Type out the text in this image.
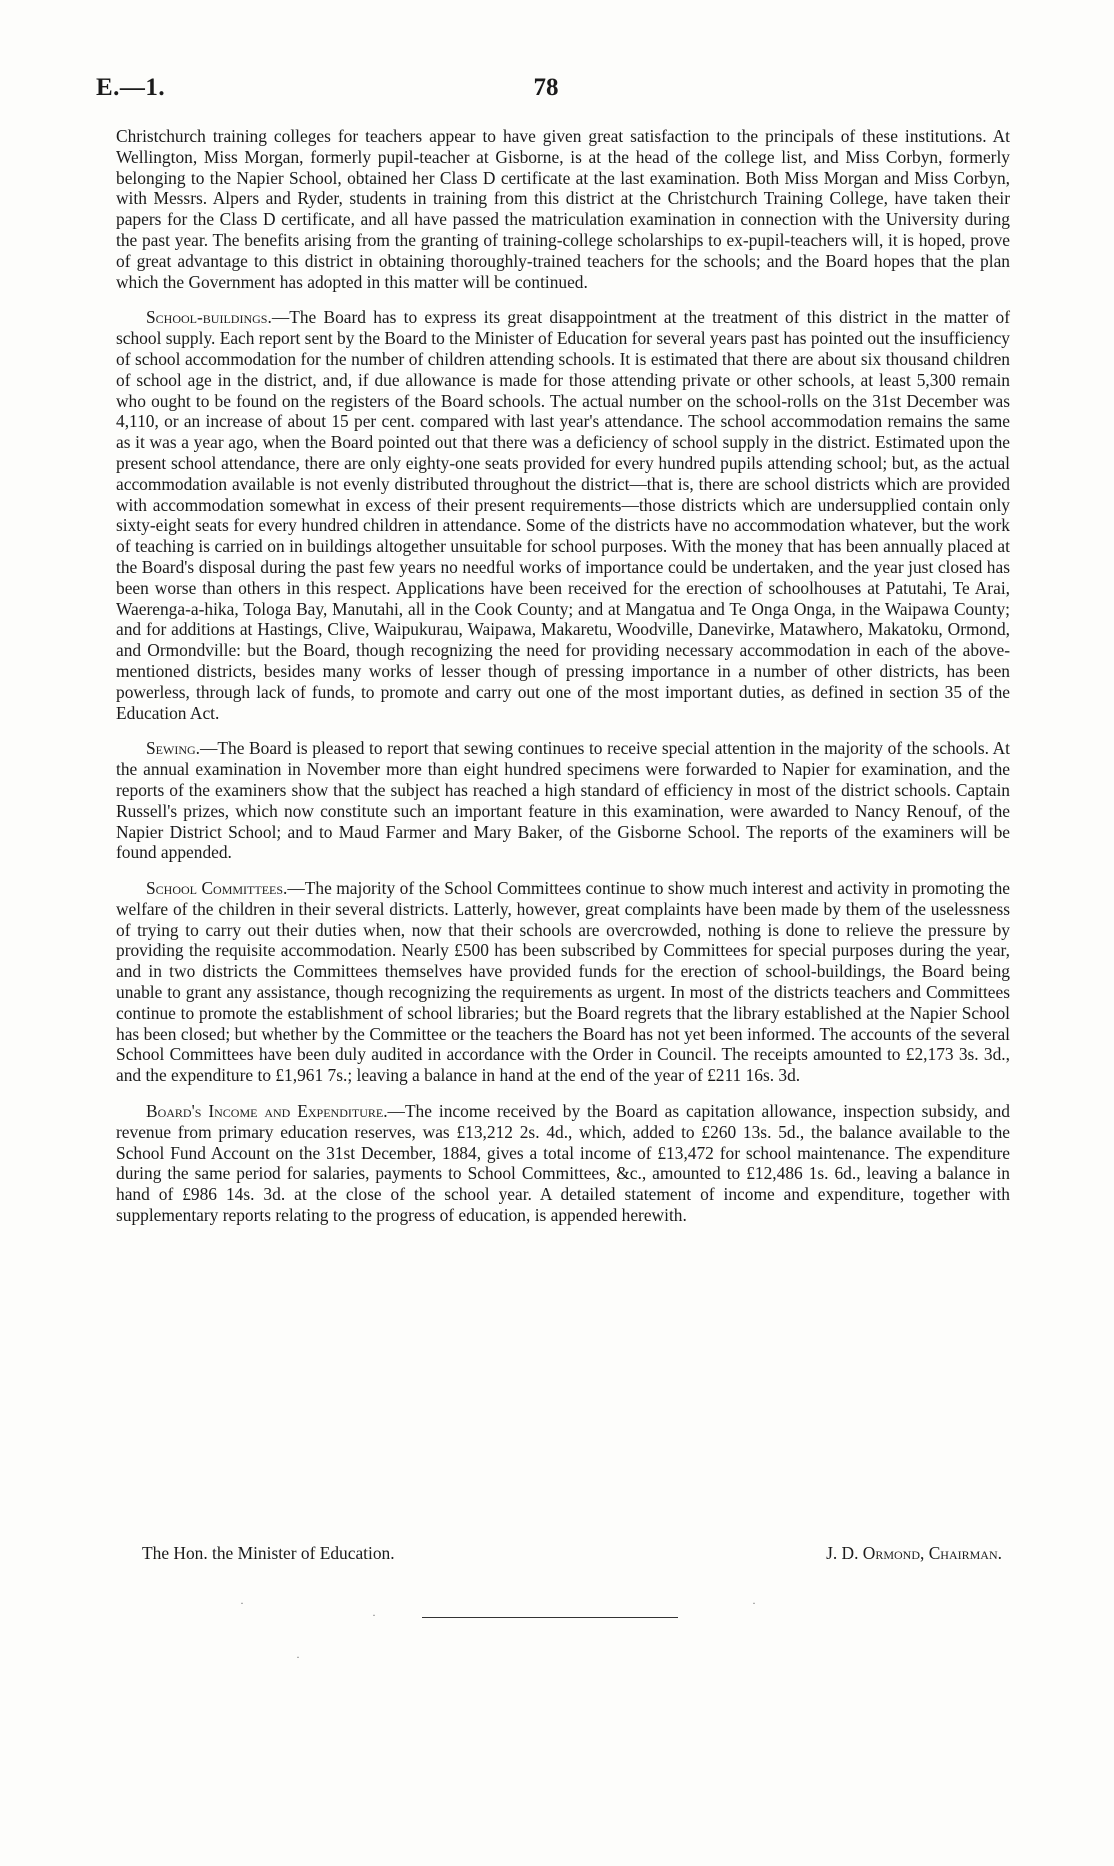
E.—1.	78

Christchurch training colleges for teachers appear to have given great satisfaction to the principals of these institutions. At Wellington, Miss Morgan, formerly pupil-teacher at Gisborne, is at the head of the college list, and Miss Corbyn, formerly belonging to the Napier School, obtained her Class D certificate at the last examination. Both Miss Morgan and Miss Corbyn, with Messrs. Alpers and Ryder, students in training from this district at the Christchurch Training College, have taken their papers for the Class D certificate, and all have passed the matriculation examination in connection with the University during the past year. The benefits arising from the granting of training-college scholarships to ex-pupil-teachers will, it is hoped, prove of great advantage to this district in obtaining thoroughly-trained teachers for the schools; and the Board hopes that the plan which the Government has adopted in this matter will be continued.

School-buildings.—The Board has to express its great disappointment at the treatment of this district in the matter of school supply. Each report sent by the Board to the Minister of Education for several years past has pointed out the insufficiency of school accommodation for the number of children attending schools. It is estimated that there are about six thousand children of school age in the district, and, if due allowance is made for those attending private or other schools, at least 5,300 remain who ought to be found on the registers of the Board schools. The actual number on the school-rolls on the 31st December was 4,110, or an increase of about 15 per cent. compared with last year's attendance. The school accommodation remains the same as it was a year ago, when the Board pointed out that there was a deficiency of school supply in the district. Estimated upon the present school attendance, there are only eighty-one seats provided for every hundred pupils attending school; but, as the actual accommodation available is not evenly distributed throughout the district—that is, there are school districts which are provided with accommodation somewhat in excess of their present requirements—those districts which are undersupplied contain only sixty-eight seats for every hundred children in attendance. Some of the districts have no accommodation whatever, but the work of teaching is carried on in buildings altogether unsuitable for school purposes. With the money that has been annually placed at the Board's disposal during the past few years no needful works of importance could be undertaken, and the year just closed has been worse than others in this respect. Applications have been received for the erection of schoolhouses at Patutahi, Te Arai, Waerenga-a-hika, Tologa Bay, Manutahi, all in the Cook County; and at Mangatua and Te Onga Onga, in the Waipawa County; and for additions at Hastings, Clive, Waipukurau, Waipawa, Makaretu, Woodville, Danevirke, Matawhero, Makatoku, Ormond, and Ormondville: but the Board, though recognizing the need for providing necessary accommodation in each of the above-mentioned districts, besides many works of lesser though of pressing importance in a number of other districts, has been powerless, through lack of funds, to promote and carry out one of the most important duties, as defined in section 35 of the Education Act.

Sewing.—The Board is pleased to report that sewing continues to receive special attention in the majority of the schools. At the annual examination in November more than eight hundred specimens were forwarded to Napier for examination, and the reports of the examiners show that the subject has reached a high standard of efficiency in most of the district schools. Captain Russell's prizes, which now constitute such an important feature in this examination, were awarded to Nancy Renouf, of the Napier District School; and to Maud Farmer and Mary Baker, of the Gisborne School. The reports of the examiners will be found appended.

School Committees.—The majority of the School Committees continue to show much interest and activity in promoting the welfare of the children in their several districts. Latterly, however, great complaints have been made by them of the uselessness of trying to carry out their duties when, now that their schools are overcrowded, nothing is done to relieve the pressure by providing the requisite accommodation. Nearly £500 has been subscribed by Committees for special purposes during the year, and in two districts the Committees themselves have provided funds for the erection of school-buildings, the Board being unable to grant any assistance, though recognizing the requirements as urgent. In most of the districts teachers and Committees continue to promote the establishment of school libraries; but the Board regrets that the library established at the Napier School has been closed; but whether by the Committee or the teachers the Board has not yet been informed. The accounts of the several School Committees have been duly audited in accordance with the Order in Council. The receipts amounted to £2,173 3s. 3d., and the expenditure to £1,961 7s.; leaving a balance in hand at the end of the year of £211 16s. 3d.

Board's Income and Expenditure.—The income received by the Board as capitation allowance, inspection subsidy, and revenue from primary education reserves, was £13,212 2s. 4d., which, added to £260 13s. 5d., the balance available to the School Fund Account on the 31st December, 1884, gives a total income of £13,472 for school maintenance. The expenditure during the same period for salaries, payments to School Committees, &c., amounted to £12,486 1s. 6d., leaving a balance in hand of £986 14s. 3d. at the close of the school year. A detailed statement of income and expenditure, together with supplementary reports relating to the progress of education, is appended herewith.

The Hon. the Minister of Education.	J. D. Ormond, Chairman.
·
·
·
·
